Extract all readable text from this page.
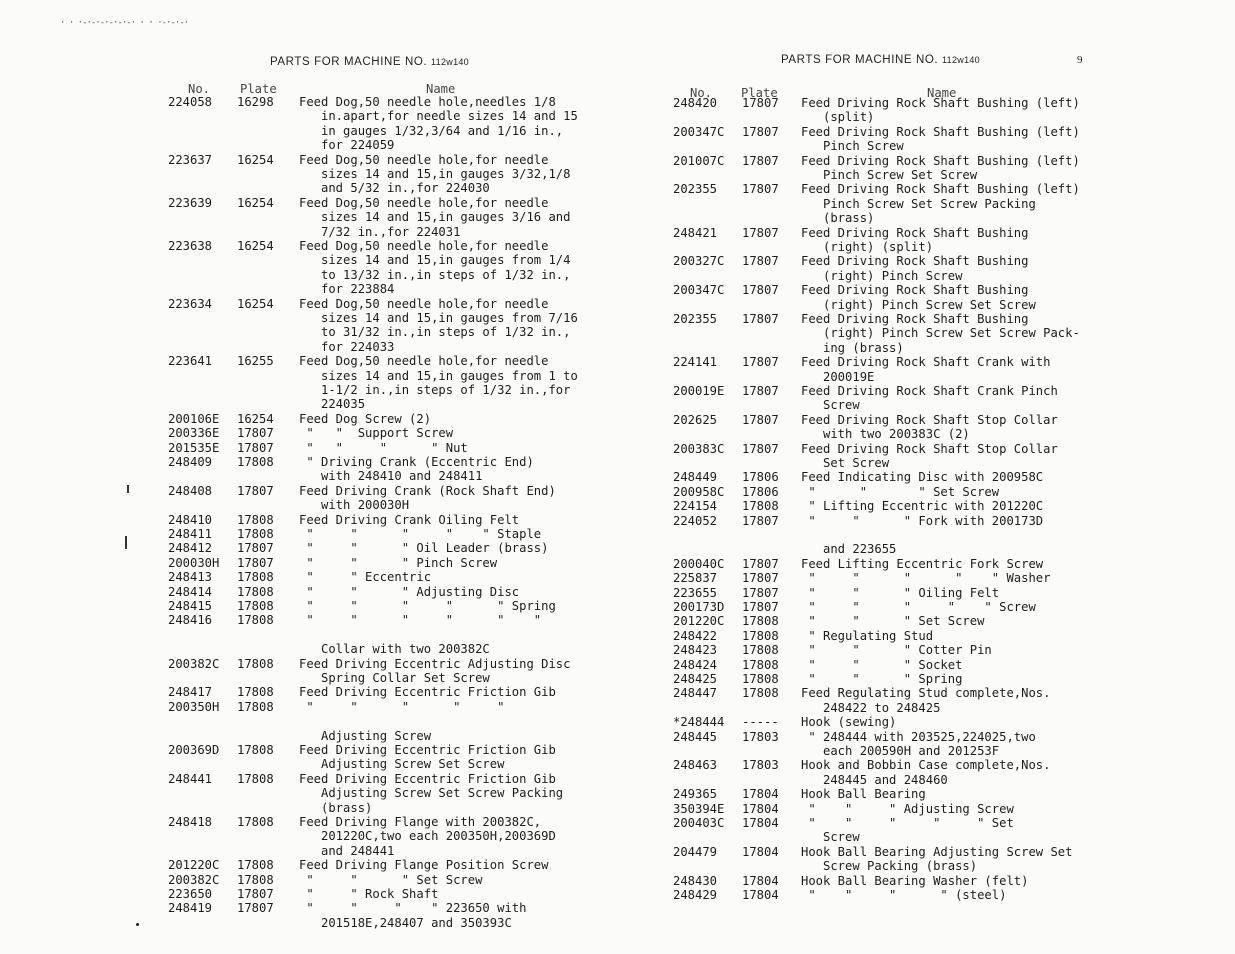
· · ·-·-·-·-·-·-· · · ·-·-·-·
PARTS FOR MACHINE NO. 112w140	PARTS FOR MACHINE NO. 112w140	9
No. Plate	Name
224058 16298 Feed Dog,50 needle hole,needles 1/8
in.apart,for needle sizes 14 and 15
in gauges 1/32,3/64 and 1/16 in.,
for 224059
223637 16254 Feed Dog,50 needle hole,for needle
sizes 14 and 15,in gauges 3/32,1/8
and 5/32 in.,for 224030
223639 16254 Feed Dog,50 needle hole,for needle
sizes 14 and 15,in gauges 3/16 and
7/32 in.,for 224031
223638 16254 Feed Dog,50 needle hole,for needle
sizes 14 and 15,in gauges from 1/4
to 13/32 in.,in steps of 1/32 in.,
for 223884
223634 16254 Feed Dog,50 needle hole,for needle
sizes 14 and 15,in gauges from 7/16
to 31/32 in.,in steps of 1/32 in.,
for 224033
223641 16255 Feed Dog,50 needle hole,for needle
sizes 14 and 15,in gauges from 1 to
1-1/2 in.,in steps of 1/32 in.,for
224035
200106E 16254 Feed Dog Screw (2)
200336E 17807 "   "  Support Screw
201535E 17807 "   "     "      " Nut
248409 17808	" Driving Crank (Eccentric End)
with 248410 and 248411
248408 17807 Feed Driving Crank (Rock Shaft End)
with 200030H
248410 17808 Feed Driving Crank Oiling Felt
248411 17808 "     "      "     "    " Staple
248412 17807 "     "      " Oil Leader (brass)
200030H 17807 "     "      " Pinch Screw
248413 17808 "     " Eccentric
248414 17808 "     "      " Adjusting Disc
248415 17808 "     "      "     "      " Spring
248416 17808	"     "      "     "      "    "

Collar with two 200382C
200382C 17808 Feed Driving Eccentric Adjusting Disc
Spring Collar Set Screw
248417 17808 Feed Driving Eccentric Friction Gib
200350H 17808	"     "      "      "     "

Adjusting Screw
200369D 17808 Feed Driving Eccentric Friction Gib
Adjusting Screw Set Screw
248441 17808 Feed Driving Eccentric Friction Gib
Adjusting Screw Set Screw Packing
(brass)
248418 17808 Feed Driving Flange with 200382C,
201220C,two each 200350H,200369D
and 248441
201220C 17808 Feed Driving Flange Position Screw
200382C 17808 "     "      " Set Screw
223650 17807 "     " Rock Shaft
248419 17807	"     "     "    " 223650 with
201518E,248407 and 350393C
No. Plate	Name
248420 17807 Feed Driving Rock Shaft Bushing (left)
(split)
200347C 17807 Feed Driving Rock Shaft Bushing (left)
Pinch Screw
201007C 17807 Feed Driving Rock Shaft Bushing (left)
Pinch Screw Set Screw
202355 17807 Feed Driving Rock Shaft Bushing (left)
Pinch Screw Set Screw Packing
(brass)
248421 17807 Feed Driving Rock Shaft Bushing
(right) (split)
200327C 17807 Feed Driving Rock Shaft Bushing
(right) Pinch Screw
200347C 17807 Feed Driving Rock Shaft Bushing
(right) Pinch Screw Set Screw
202355 17807 Feed Driving Rock Shaft Bushing
(right) Pinch Screw Set Screw Pack-
ing (brass)
224141 17807 Feed Driving Rock Shaft Crank with
200019E
200019E 17807 Feed Driving Rock Shaft Crank Pinch
Screw
202625 17807 Feed Driving Rock Shaft Stop Collar
with two 200383C (2)
200383C 17807 Feed Driving Rock Shaft Stop Collar
Set Screw
248449 17806 Feed Indicating Disc with 200958C
200958C 17806 "      "       " Set Screw
224154 17808 " Lifting Eccentric with 201220C
224052 17807	"     "      " Fork with 200173D

and 223655
200040C 17807 Feed Lifting Eccentric Fork Screw
225837 17807 "     "      "      "    " Washer
223655 17807 "     "      " Oiling Felt
200173D 17807 "     "      "     "    " Screw
201220C 17808 "     "      " Set Screw
248422 17808 " Regulating Stud
248423 17808 "     "      " Cotter Pin
248424 17808 "     "      " Socket
248425 17808 "     "      " Spring
248447 17808 Feed Regulating Stud complete,Nos.
248422 to 248425
*248444 ----- Hook (sewing)
248445 17803	" 248444 with 203525,224025,two
each 200590H and 201253F
248463 17803 Hook and Bobbin Case complete,Nos.
248445 and 248460
249365 17804 Hook Ball Bearing
350394E 17804 "    "     " Adjusting Screw
200403C 17804	"    "     "     "     " Set
Screw
204479 17804 Hook Ball Bearing Adjusting Screw Set
Screw Packing (brass)
248430 17804 Hook Ball Bearing Washer (felt)
248429 17804 "    "     "      " (steel)
